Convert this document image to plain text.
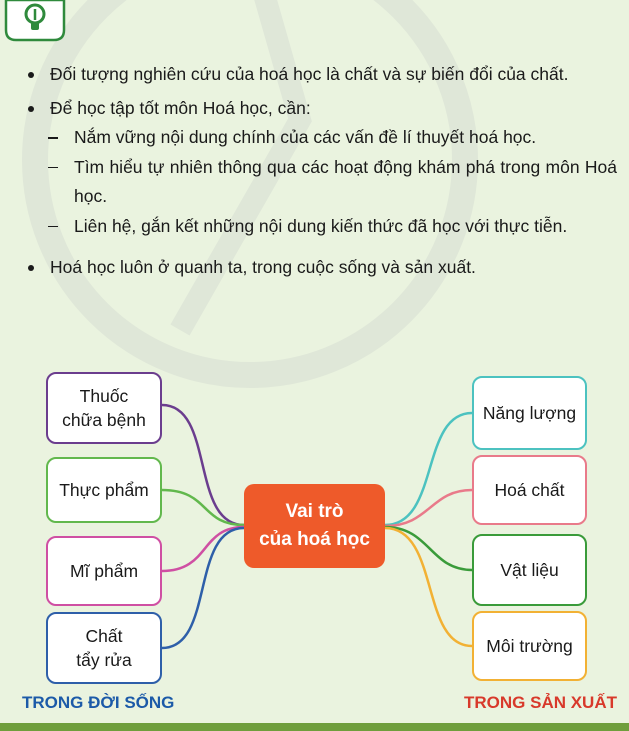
Đối tượng nghiên cứu của hoá học là chất và sự biến đổi của chất.
Để học tập tốt môn Hoá học, cần:
Nắm vững nội dung chính của các vấn đề lí thuyết hoá học.
Tìm hiểu tự nhiên thông qua các hoạt động khám phá trong môn Hoá học.
Liên hệ, gắn kết những nội dung kiến thức đã học với thực tiễn.
Hoá học luôn ở quanh ta, trong cuộc sống và sản xuất.
Thuốc
chữa bệnh
Thực phẩm
Mĩ phẩm
Chất
tẩy rửa
Vai trò
của hoá học
Năng lượng
Hoá chất
Vật liệu
Môi trường
TRONG ĐỜI SỐNG	TRONG SẢN XUẤT
